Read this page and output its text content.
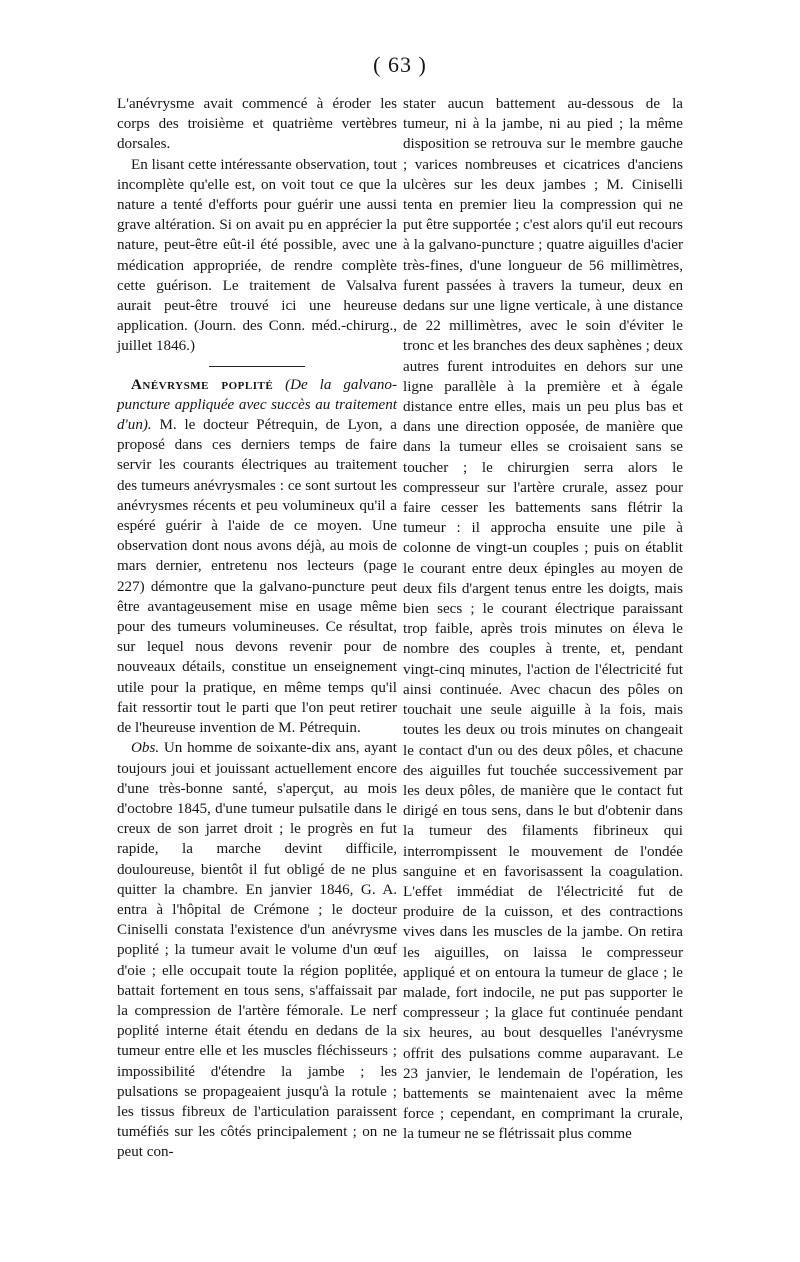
( 63 )

L'anévrysme avait commencé à éroder les corps des troisième et quatrième vertèbres dorsales.

En lisant cette intéressante observation, tout incomplète qu'elle est, on voit tout ce que la nature a tenté d'efforts pour guérir une aussi grave altération. Si on avait pu en apprécier la nature, peut-être eût-il été possible, avec une médication appropriée, de rendre complète cette guérison. Le traitement de Valsalva aurait peut-être trouvé ici une heureuse application. (Journ. des Conn. méd.-chirurg., juillet 1846.)

Anévrysme poplité (De la galvano-puncture appliquée avec succès au traitement d'un). M. le docteur Pétrequin, de Lyon, a proposé dans ces derniers temps de faire servir les courants électriques au traitement des tumeurs anévrysmales : ce sont surtout les anévrysmes récents et peu volumineux qu'il a espéré guérir à l'aide de ce moyen. Une observation dont nous avons déjà, au mois de mars dernier, entretenu nos lecteurs (page 227) démontre que la galvano-puncture peut être avantageusement mise en usage même pour des tumeurs volumineuses. Ce résultat, sur lequel nous devons revenir pour de nouveaux détails, constitue un enseignement utile pour la pratique, en même temps qu'il fait ressortir tout le parti que l'on peut retirer de l'heureuse invention de M. Pétrequin.

Obs. Un homme de soixante-dix ans, ayant toujours joui et jouissant actuellement encore d'une très-bonne santé, s'aperçut, au mois d'octobre 1845, d'une tumeur pulsatile dans le creux de son jarret droit ; le progrès en fut rapide, la marche devint difficile, douloureuse, bientôt il fut obligé de ne plus quitter la chambre. En janvier 1846, G. A. entra à l'hôpital de Crémone ; le docteur Ciniselli constata l'existence d'un anévrysme poplité ; la tumeur avait le volume d'un œuf d'oie ; elle occupait toute la région poplitée, battait fortement en tous sens, s'affaissait par la compression de l'artère fémorale. Le nerf poplité interne était étendu en dedans de la tumeur entre elle et les muscles fléchisseurs ; impossibilité d'étendre la jambe ; les pulsations se propageaient jusqu'à la rotule ; les tissus fibreux de l'articulation paraissent tuméfiés sur les côtés principalement ; on ne peut con-

stater aucun battement au-dessous de la tumeur, ni à la jambe, ni au pied ; la même disposition se retrouva sur le membre gauche ; varices nombreuses et cicatrices d'anciens ulcères sur les deux jambes ; M. Ciniselli tenta en premier lieu la compression qui ne put être supportée ; c'est alors qu'il eut recours à la galvano-puncture ; quatre aiguilles d'acier très-fines, d'une longueur de 56 millimètres, furent passées à travers la tumeur, deux en dedans sur une ligne verticale, à une distance de 22 millimètres, avec le soin d'éviter le tronc et les branches des deux saphènes ; deux autres furent introduites en dehors sur une ligne parallèle à la première et à égale distance entre elles, mais un peu plus bas et dans une direction opposée, de manière que dans la tumeur elles se croisaient sans se toucher ; le chirurgien serra alors le compresseur sur l'artère crurale, assez pour faire cesser les battements sans flétrir la tumeur : il approcha ensuite une pile à colonne de vingt-un couples ; puis on établit le courant entre deux épingles au moyen de deux fils d'argent tenus entre les doigts, mais bien secs ; le courant électrique paraissant trop faible, après trois minutes on éleva le nombre des couples à trente, et, pendant vingt-cinq minutes, l'action de l'électricité fut ainsi continuée. Avec chacun des pôles on touchait une seule aiguille à la fois, mais toutes les deux ou trois minutes on changeait le contact d'un ou des deux pôles, et chacune des aiguilles fut touchée successivement par les deux pôles, de manière que le contact fut dirigé en tous sens, dans le but d'obtenir dans la tumeur des filaments fibrineux qui interrompissent le mouvement de l'ondée sanguine et en favorisassent la coagulation. L'effet immédiat de l'électricité fut de produire de la cuisson, et des contractions vives dans les muscles de la jambe. On retira les aiguilles, on laissa le compresseur appliqué et on entoura la tumeur de glace ; le malade, fort indocile, ne put pas supporter le compresseur ; la glace fut continuée pendant six heures, au bout desquelles l'anévrysme offrit des pulsations comme auparavant. Le 23 janvier, le lendemain de l'opération, les battements se maintenaient avec la même force ; cependant, en comprimant la crurale, la tumeur ne se flétrissait plus comme
